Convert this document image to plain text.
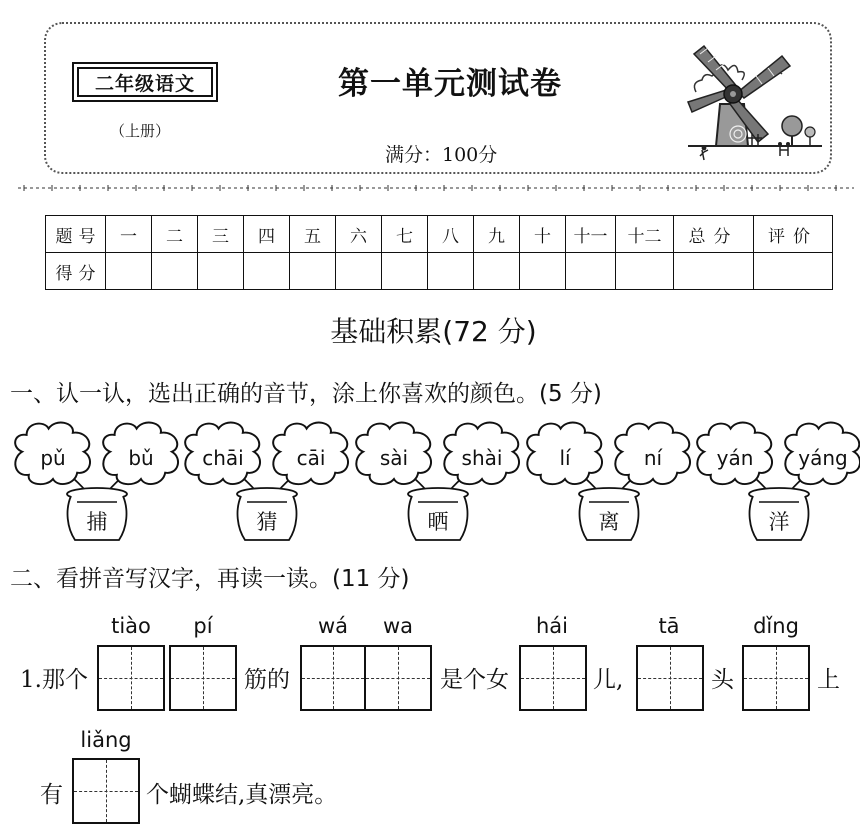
二年级语文
（上册）
第一单元测试卷
满分：100分
题号	一	二	三	四	五	六	七	八	九	十	十一	十二	总分	评价
得分														
基础积累(72 分)
一、认一认，选出正确的音节，涂上你喜欢的颜色。(5 分)
pǔ	bǔ
捕
chāi	cāi
猜
sài	shài
晒
lí	ní
离
yán yáng
洋
二、看拼音写汉字，再读一读。(11 分)
tiào pí	wá wa	hái	tā	dǐng
1.那个	筋的	是个女	儿,	头	上
liǎng
有	个蝴蝶结,真漂亮。
